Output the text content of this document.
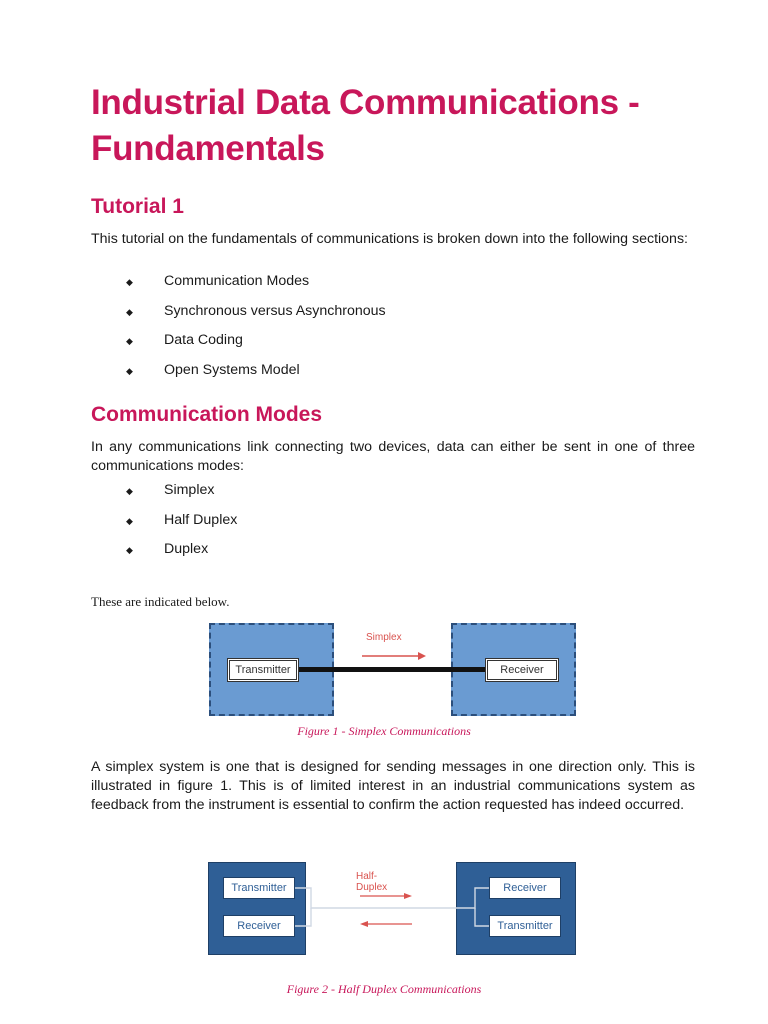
Industrial Data Communications - Fundamentals
Tutorial 1

This tutorial on the fundamentals of communications is broken down into the following sections:

◆ Communication Modes
◆ Synchronous versus Asynchronous
◆ Data Coding
◆ Open Systems Model
Communication Modes

In any communications link connecting two devices, data can either be sent in one of three communications modes:

◆ Simplex
◆ Half Duplex
◆ Duplex

These are indicated below.

Transmitter	Receiver
Simplex

Figure 1 - Simplex Communications

A simplex system is one that is designed for sending messages in one direction only. This is illustrated in figure 1. This is of limited interest in an industrial communications system as feedback from the instrument is essential to confirm the action requested has indeed occurred.

Transmitter
Receiver
Receiver
Transmitter
Half-Duplex

Figure 2 - Half Duplex Communications
